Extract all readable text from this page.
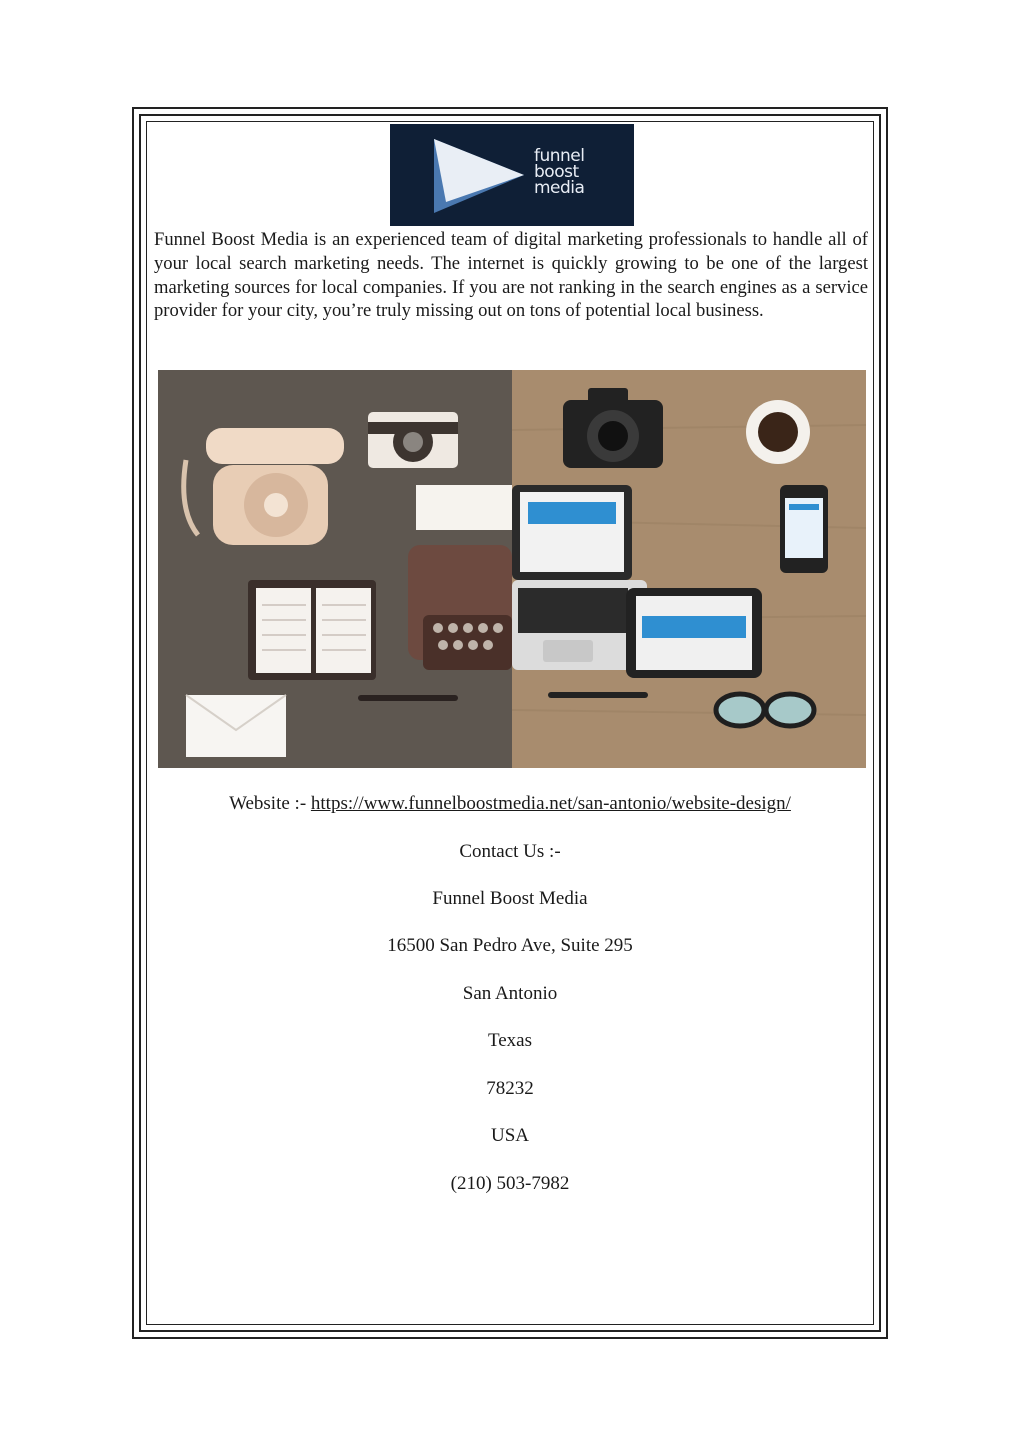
funnel
boost
media

Funnel Boost Media is an experienced team of digital marketing professionals to handle all of your local search marketing needs. The internet is quickly growing to be one of the largest marketing sources for local companies. If you are not ranking in the search engines as a service provider for your city, you’re truly missing out on tons of potential local business.

Website :- https://www.funnelboostmedia.net/san-antonio/website-design/

Contact Us :-

Funnel Boost Media

16500 San Pedro Ave, Suite 295

San Antonio

Texas

78232

USA

(210) 503-7982
